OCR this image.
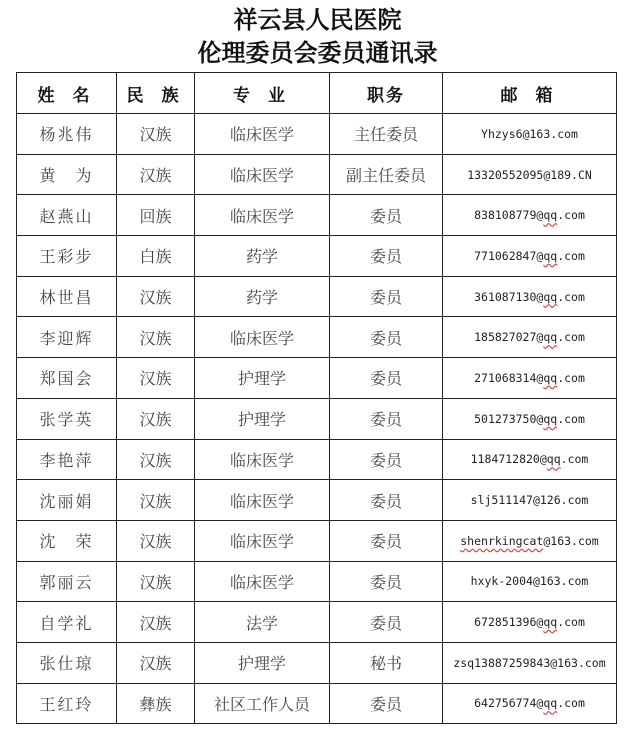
祥云县人民医院
伦理委员会委员通讯录
姓 名	民 族	专 业	职务	邮 箱
杨兆伟	汉族	临床医学	主任委员	Yhzys6@163.com
黄　为	汉族	临床医学	副主任委员	13320552095@189.CN
赵燕山	回族	临床医学	委员	838108779@qq.com
王彩步	白族	药学	委员	771062847@qq.com
林世昌	汉族	药学	委员	361087130@qq.com
李迎辉	汉族	临床医学	委员	185827027@qq.com
郑国会	汉族	护理学	委员	271068314@qq.com
张学英	汉族	护理学	委员	501273750@qq.com
李艳萍	汉族	临床医学	委员	1184712820@qq.com
沈丽娟	汉族	临床医学	委员	slj511147@126.com
沈　荣	汉族	临床医学	委员	shenrkingcat@163.com
郭丽云	汉族	临床医学	委员	hxyk-2004@163.com
自学礼	汉族	法学	委员	672851396@qq.com
张仕琼	汉族	护理学	秘书	zsq13887259843@163.com
王红玲	彝族	社区工作人员	委员	642756774@qq.com
